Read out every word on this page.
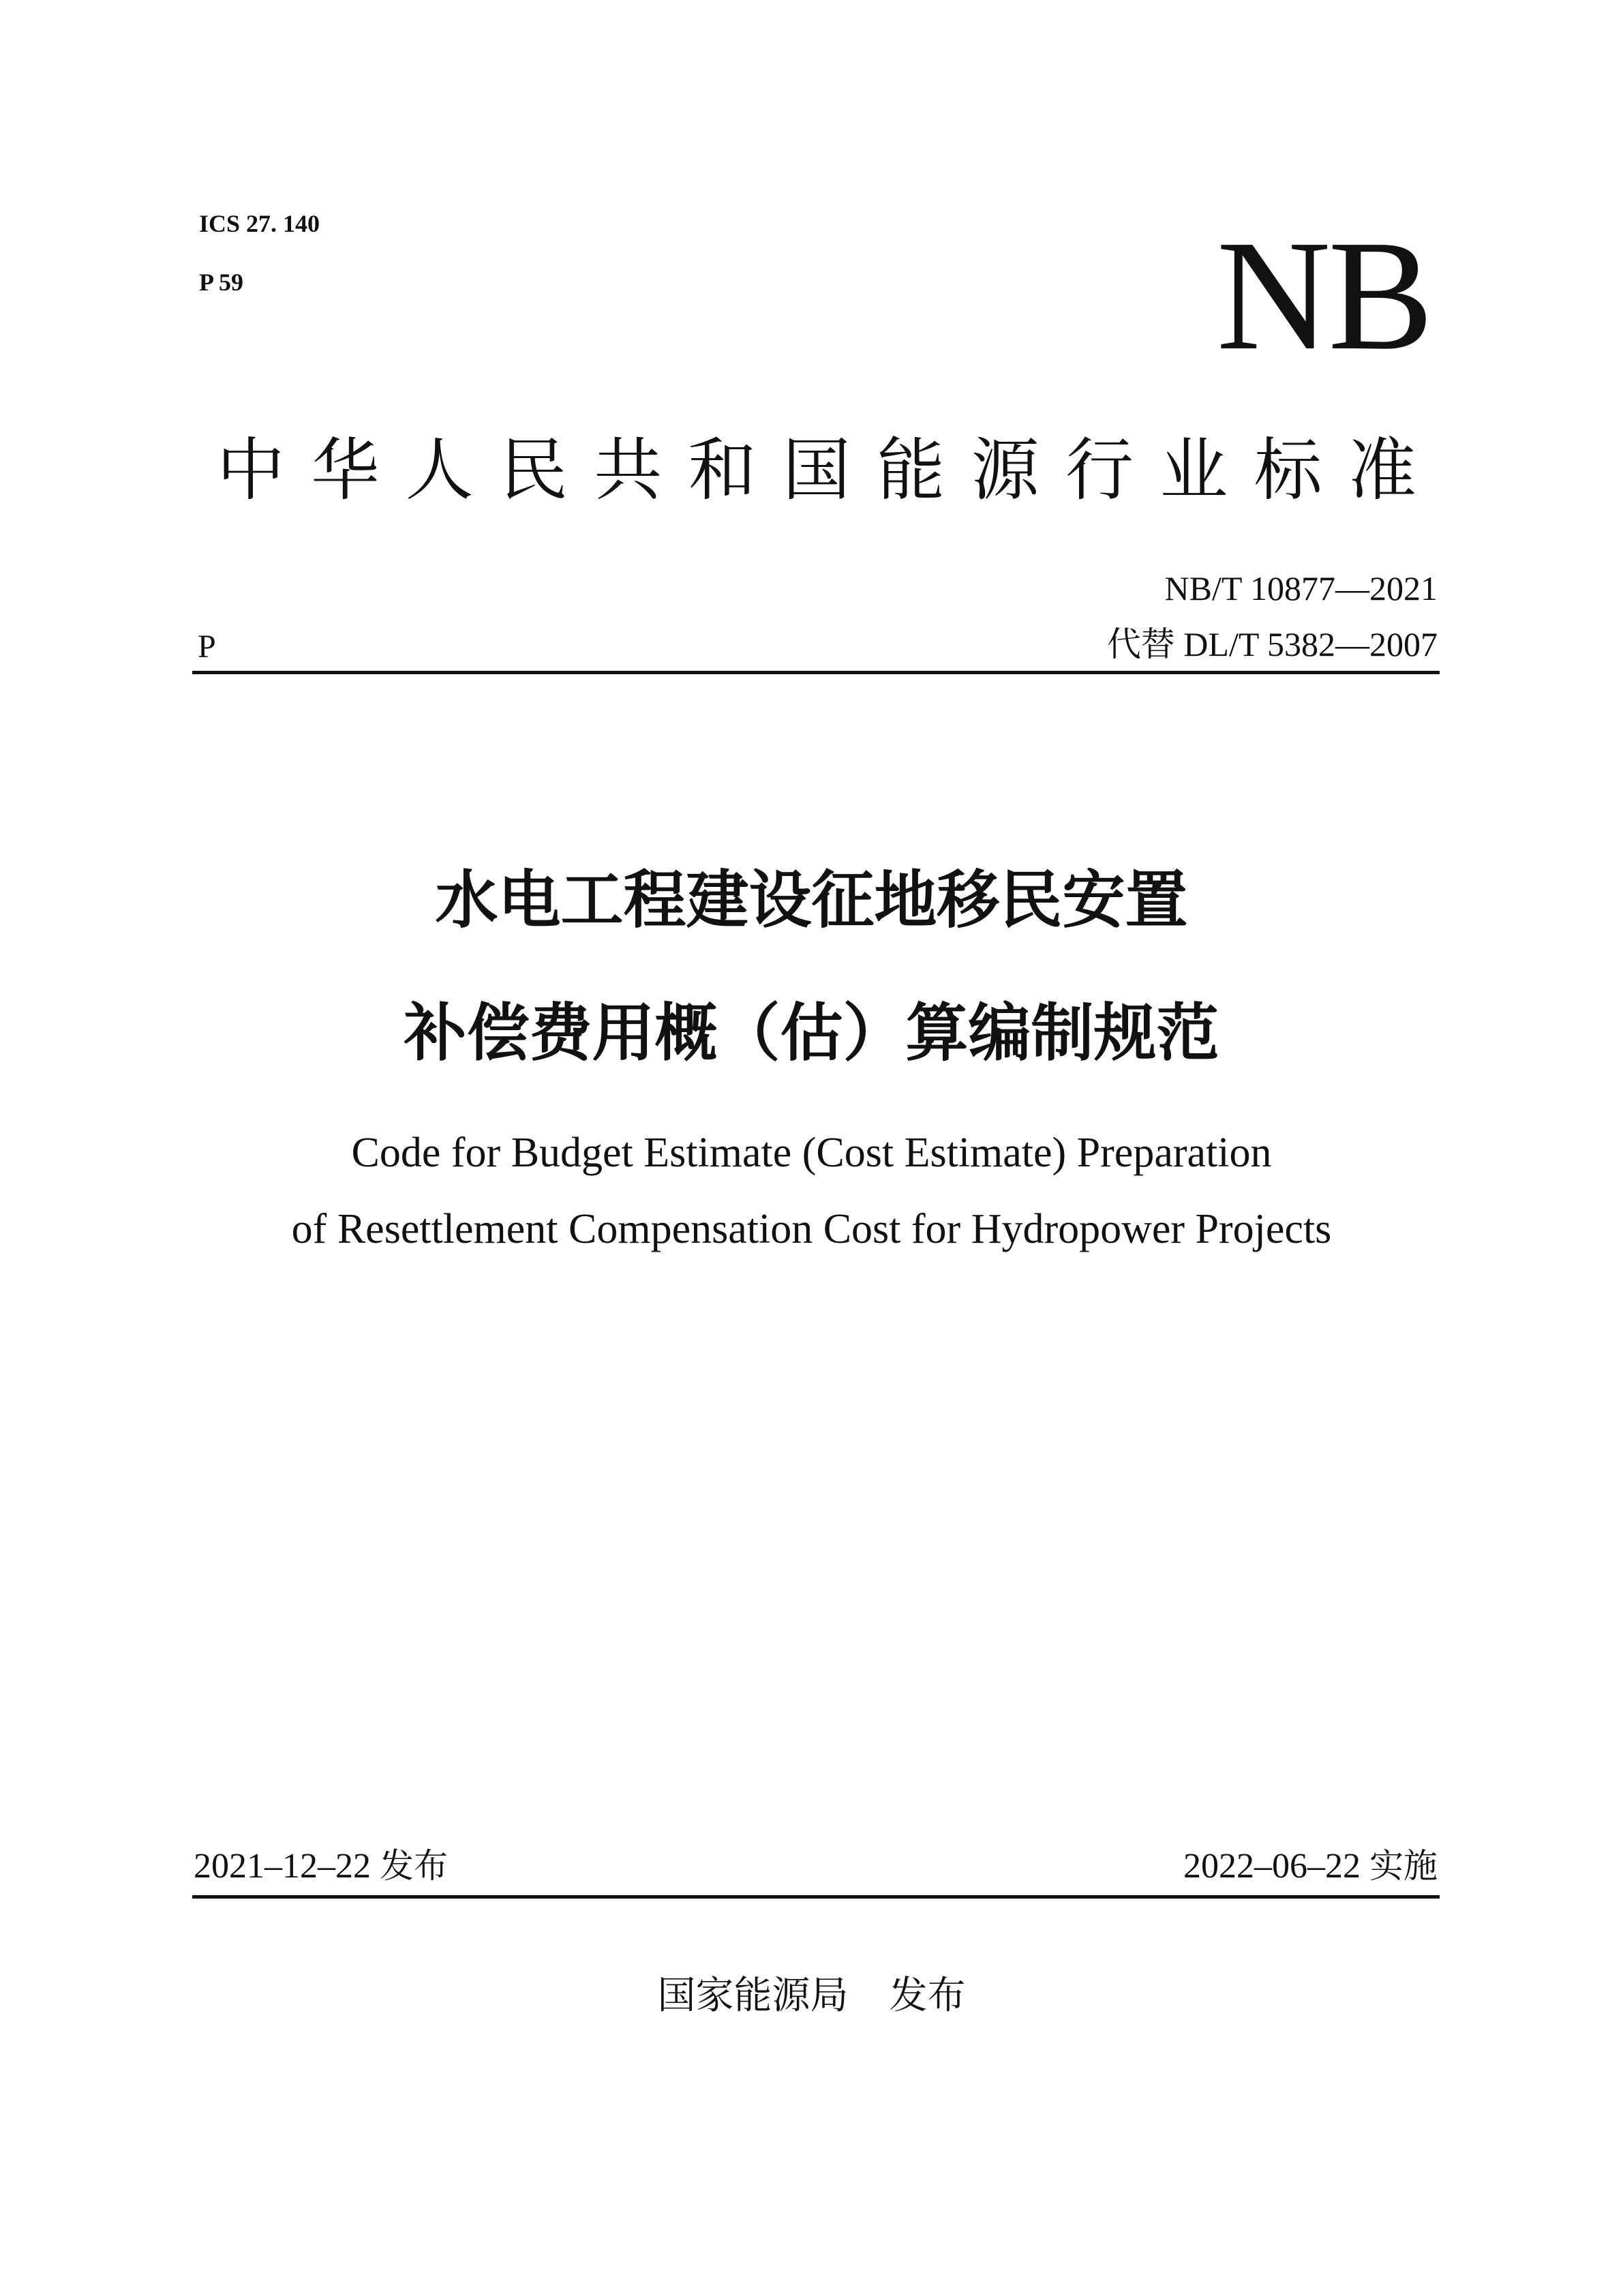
ICS 27. 140
P 59	NB
中 华 人 民 共 和 国 能 源 行 业 标 准
NB/T 10877—2021
代替 DL/T 5382—2007
P
水电工程建设征地移民安置
补偿费用概（估）算编制规范
Code for Budget Estimate (Cost Estimate) Preparation
of Resettlement Compensation Cost for Hydropower Projects
2021–12–22 发布	2022–06–22 实施
国家能源局 发布
